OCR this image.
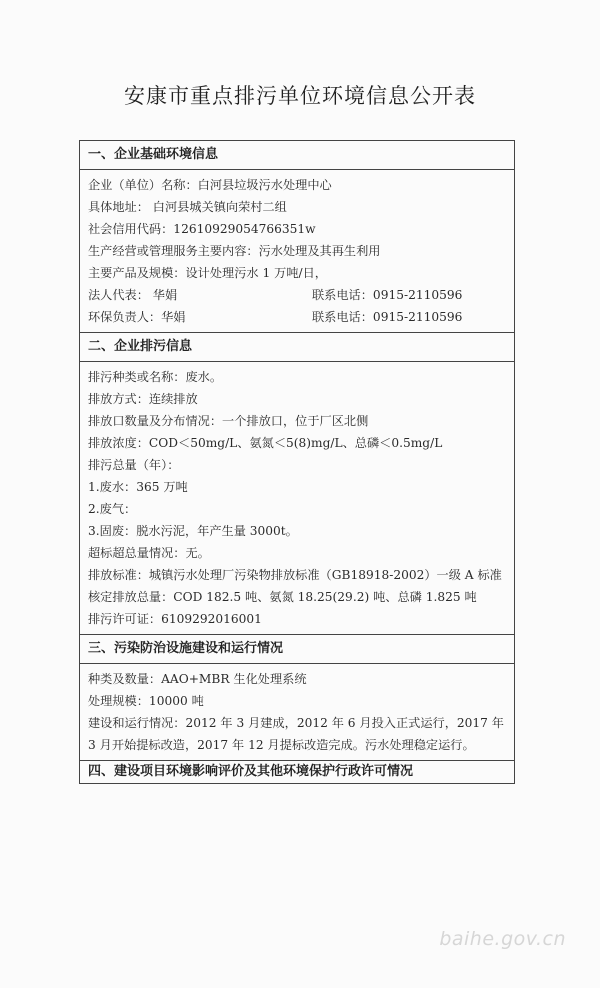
安康市重点排污单位环境信息公开表
一、企业基础环境信息
企业（单位）名称：白河县垃圾污水处理中心
具体地址： 白河县城关镇向荣村二组
社会信用代码：12610929054766351w
生产经营或管理服务主要内容：污水处理及其再生利用
主要产品及规模：设计处理污水 1 万吨/日，
法人代表： 华娟	联系电话：0915-2110596
环保负责人：华娟	联系电话：0915-2110596
二、企业排污信息
排污种类或名称：废水。
排放方式：连续排放
排放口数量及分布情况：一个排放口，位于厂区北侧
排放浓度：COD＜50mg/L、氨氮＜5(8)mg/L、总磷＜0.5mg/L
排污总量（年）：
1.废水：365 万吨
2.废气：
3.固废：脱水污泥，年产生量 3000t。
超标超总量情况：无。
排放标准：城镇污水处理厂污染物排放标准（GB18918-2002）一级 A 标准
核定排放总量：COD 182.5 吨、氨氮 18.25(29.2) 吨、总磷 1.825 吨
排污许可证：6109292016001
三、污染防治设施建设和运行情况
种类及数量：AAO+MBR 生化处理系统
处理规模：10000 吨
建设和运行情况：2012 年 3 月建成，2012 年 6 月投入正式运行，2017 年 3 月开始提标改造，2017 年 12 月提标改造完成。污水处理稳定运行。
四、建设项目环境影响评价及其他环境保护行政许可情况
baihe.gov.cn
